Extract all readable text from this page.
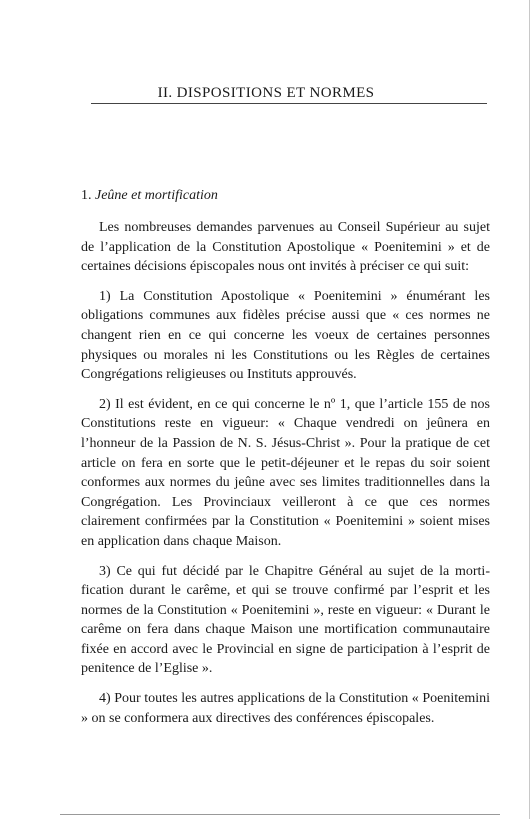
II. DISPOSITIONS ET NORMES

1. Jeûne et mortification

Les nombreuses demandes parvenues au Conseil Supérieur au sujet de l’application de la Constitution Apostolique « Poenitemini » et de certaines décisions épiscopales nous ont invités à préciser ce qui suit:

1) La Constitution Apostolique « Poenitemini » énumérant les obligations communes aux fidèles précise aussi que « ces normes ne changent rien en ce qui concerne les voeux de certaines personnes physiques ou morales ni les Constitutions ou les Règles de certaines Congrégations religieuses ou Instituts approuvés.

2) Il est évident, en ce qui concerne le nº 1, que l’article 155 de nos Constitutions reste en vigueur: « Chaque vendredi on jeûnera en l’honneur de la Passion de N. S. Jésus-Christ ». Pour la pratique de cet article on fera en sorte que le petit-déjeuner et le repas du soir soient conformes aux normes du jeûne avec ses limites traditionnelles dans la Congrégation. Les Provinciaux veilleront à ce que ces normes clairement confirmées par la Constitution « Poenitemini » soient mises en application dans chaque Maison.

3) Ce qui fut décidé par le Chapitre Général au sujet de la mortification durant le carême, et qui se trouve confirmé par l’esprit et les normes de la Constitution « Poenitemini », reste en vigueur: « Durant le carême on fera dans chaque Maison une mortification communautaire fixée en accord avec le Provincial en signe de participation à l’esprit de penitence de l’Eglise ».

4) Pour toutes les autres applications de la Constitution « Poenitemini » on se conformera aux directives des conférences épiscopales.
